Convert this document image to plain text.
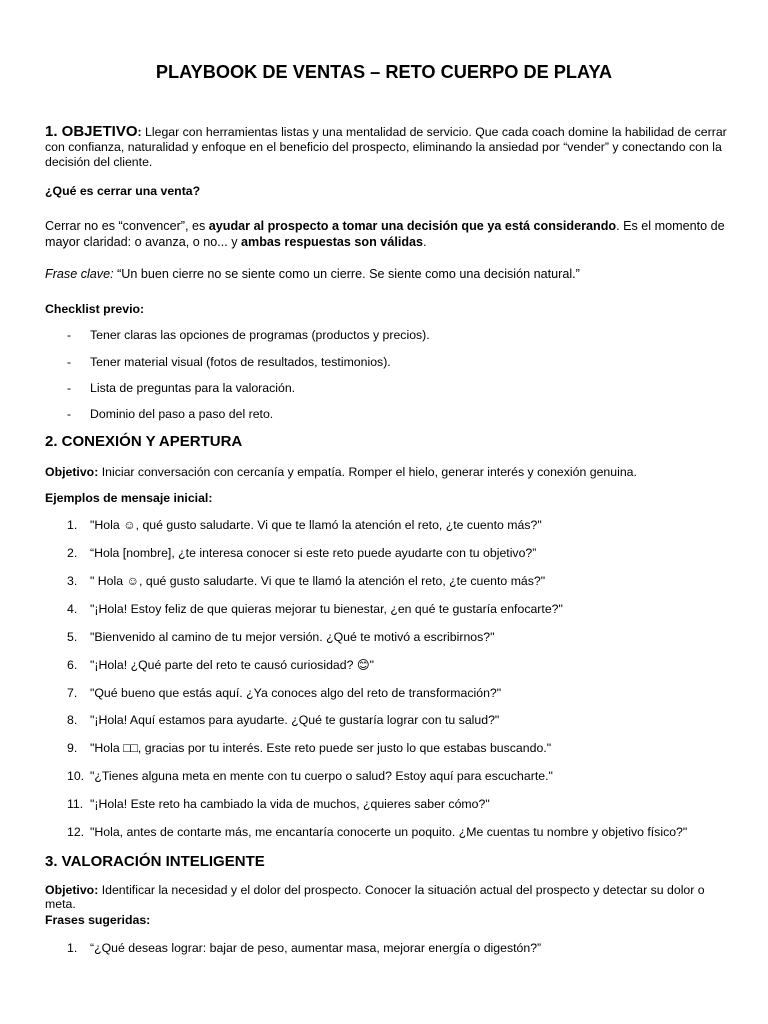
PLAYBOOK DE VENTAS – RETO CUERPO DE PLAYA
1. OBJETIVO: Llegar con herramientas listas y una mentalidad de servicio. Que cada coach domine la habilidad de cerrar con confianza, naturalidad y enfoque en el beneficio del prospecto, eliminando la ansiedad por “vender” y conectando con la decisión del cliente.
¿Qué es cerrar una venta?
Cerrar no es “convencer”, es ayudar al prospecto a tomar una decisión que ya está considerando. Es el momento de mayor claridad: o avanza, o no... y ambas respuestas son válidas.
Frase clave: “Un buen cierre no se siente como un cierre. Se siente como una decisión natural.”
Checklist previo:
- Tener claras las opciones de programas (productos y precios).
- Tener material visual (fotos de resultados, testimonios).
- Lista de preguntas para la valoración.
- Dominio del paso a paso del reto.
2. CONEXIÓN Y APERTURA
Objetivo: Iniciar conversación con cercanía y empatía. Romper el hielo, generar interés y conexión genuina.
Ejemplos de mensaje inicial:
1.	"Hola ☺, qué gusto saludarte. Vi que te llamó la atención el reto, ¿te cuento más?"
2.	“Hola [nombre], ¿te interesa conocer si este reto puede ayudarte con tu objetivo?”
3.	" Hola ☺, qué gusto saludarte. Vi que te llamó la atención el reto, ¿te cuento más?"
4.	"¡Hola! Estoy feliz de que quieras mejorar tu bienestar, ¿en qué te gustaría enfocarte?"
5.	"Bienvenido al camino de tu mejor versión. ¿Qué te motivó a escribirnos?"
6.	"¡Hola! ¿Qué parte del reto te causó curiosidad? 😊"
7.	"Qué bueno que estás aquí. ¿Ya conoces algo del reto de transformación?"
8.	"¡Hola! Aquí estamos para ayudarte. ¿Qué te gustaría lograr con tu salud?"
9.	"Hola □□, gracias por tu interés. Este reto puede ser justo lo que estabas buscando."
10. "¿Tienes alguna meta en mente con tu cuerpo o salud? Estoy aquí para escucharte."
11. "¡Hola! Este reto ha cambiado la vida de muchos, ¿quieres saber cómo?"
12. "Hola, antes de contarte más, me encantaría conocerte un poquito. ¿Me cuentas tu nombre y objetivo físico?"
3. VALORACIÓN INTELIGENTE
Objetivo: Identificar la necesidad y el dolor del prospecto. Conocer la situación actual del prospecto y detectar su dolor o meta.
Frases sugeridas:
1.	“¿Qué deseas lograr: bajar de peso, aumentar masa, mejorar energía o digestón?”
